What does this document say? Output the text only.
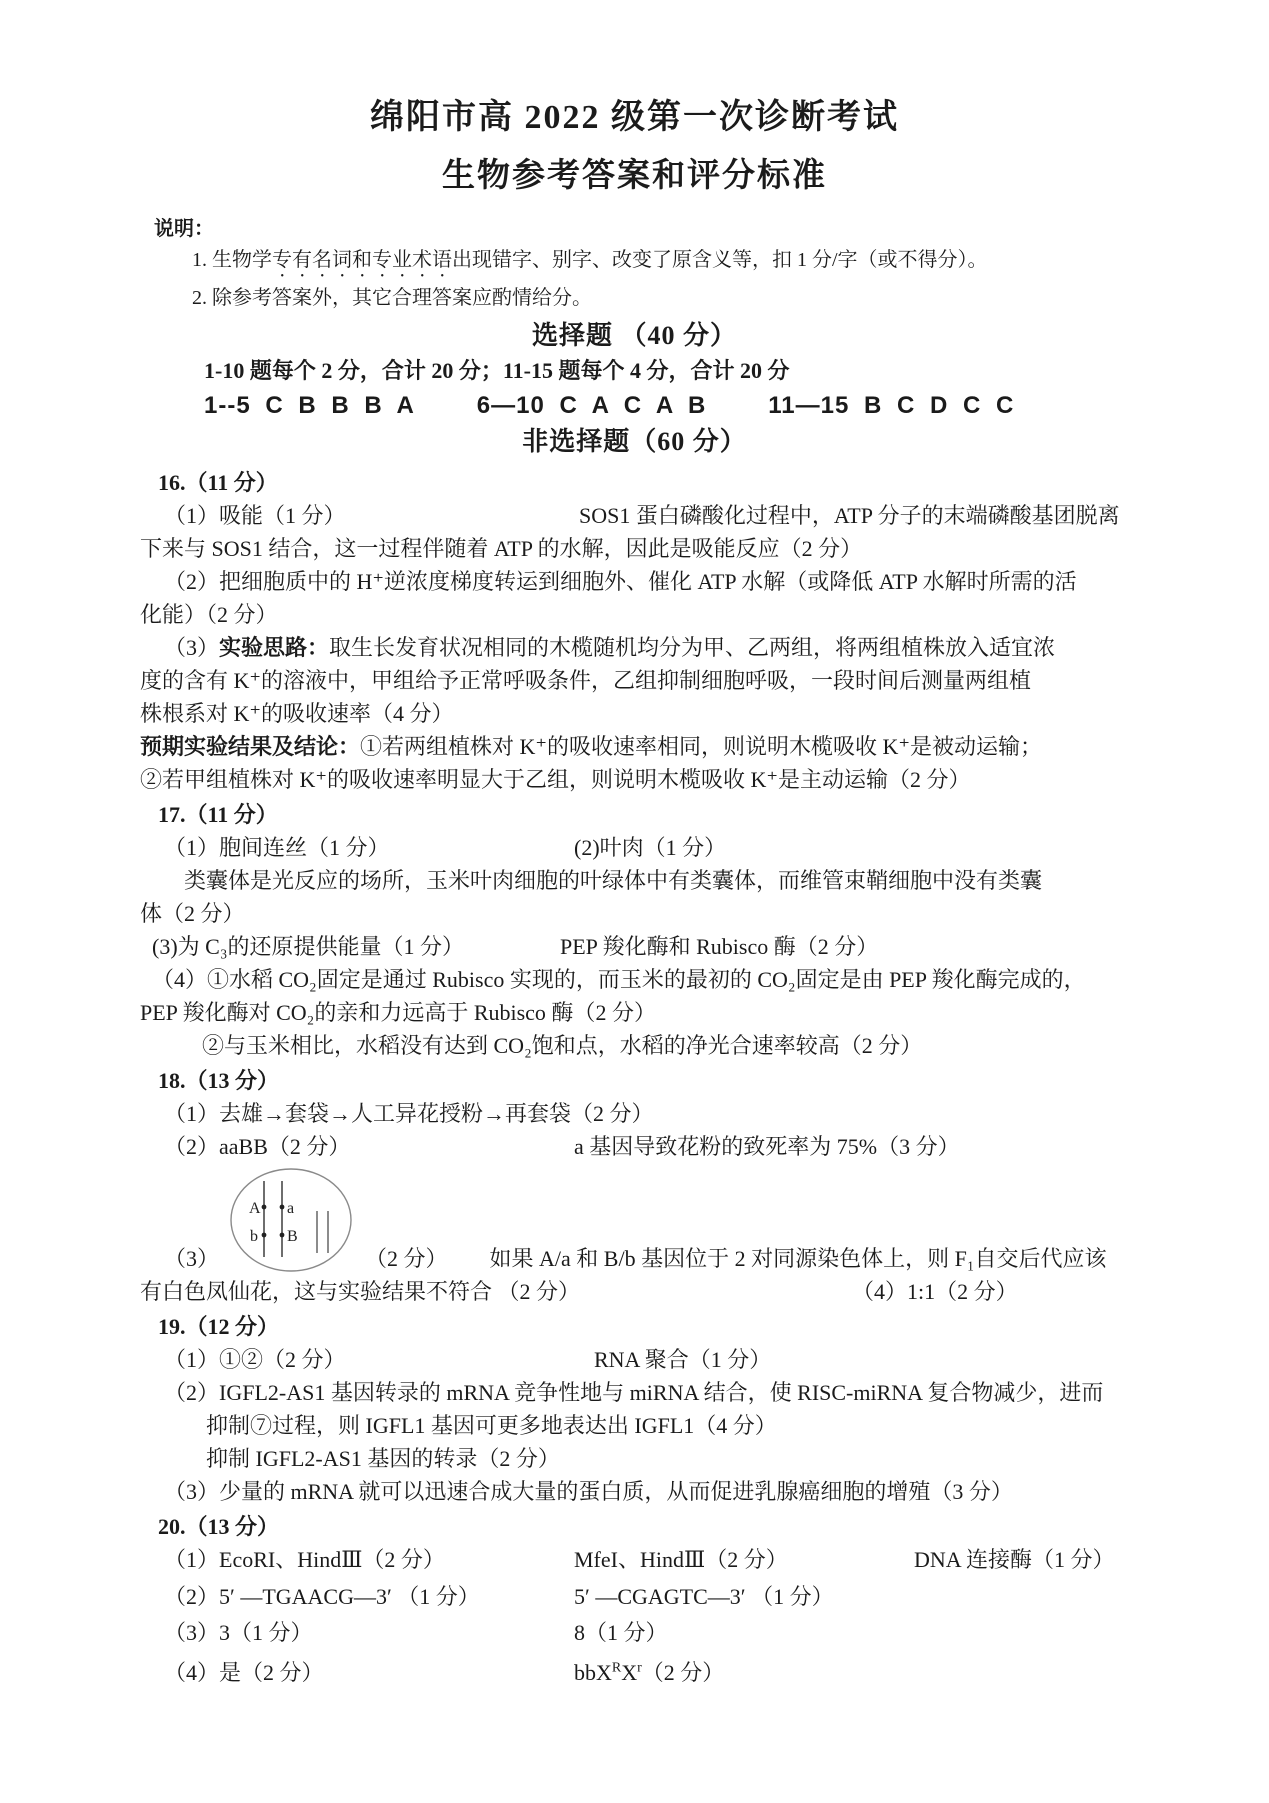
绵阳市高 2022 级第一次诊断考试
生物参考答案和评分标准
说明：
1. 生物学专有名词和专业术语出现错字、别字、改变了原含义等，扣 1 分/字（或不得分）。
2. 除参考答案外，其它合理答案应酌情给分。
选择题 （40 分）
1-10 题每个 2 分，合计 20 分；11-15 题每个 4 分，合计 20 分
1--5 C B B B A	6—10 C A C A B	11—15 B C D C C
非选择题（60 分）
16.（11 分）
（1）吸能（1 分）	SOS1 蛋白磷酸化过程中，ATP 分子的末端磷酸基团脱离
下来与 SOS1 结合，这一过程伴随着 ATP 的水解，因此是吸能反应（2 分）
（2）把细胞质中的 H⁺逆浓度梯度转运到细胞外、催化 ATP 水解（或降低 ATP 水解时所需的活
化能）（2 分）
（3） 实验思路： 取生长发育状况相同的木榄随机均分为甲、乙两组，将两组植株放入适宜浓
度的含有 K⁺的溶液中，甲组给予正常呼吸条件，乙组抑制细胞呼吸，一段时间后测量两组植
株根系对 K⁺的吸收速率（4 分）
预期实验结果及结论： ①若两组植株对 K⁺的吸收速率相同，则说明木榄吸收 K⁺是被动运输；
②若甲组植株对 K⁺的吸收速率明显大于乙组，则说明木榄吸收 K⁺是主动运输（2 分）
17.（11 分）
（1）胞间连丝（1 分）	(2)叶肉（1 分）
类囊体是光反应的场所，玉米叶肉细胞的叶绿体中有类囊体，而维管束鞘细胞中没有类囊
体（2 分）
(3)为 C₃的还原提供能量（1 分）	PEP 羧化酶和 Rubisco 酶（2 分）
（4）①水稻 CO₂固定是通过 Rubisco 实现的，而玉米的最初的 CO₂固定是由 PEP 羧化酶完成的，
PEP 羧化酶对 CO₂的亲和力远高于 Rubisco 酶（2 分）
②与玉米相比，水稻没有达到 CO₂饱和点，水稻的净光合速率较高（2 分）
18.（13 分）
（1）去雄→套袋→人工异花授粉→再套袋（2 分）
（2）aaBB（2 分）	a 基因导致花粉的致死率为 75%（3 分）
（3）
A a
b B
（2 分） 如果 A/a 和 B/b 基因位于 2 对同源染色体上，则 F₁自交后代应该
有白色凤仙花，这与实验结果不符合 （2 分）	（4）1:1（2 分）
19.（12 分）
（1）①②（2 分）	RNA 聚合（1 分）
（2）IGFL2-AS1 基因转录的 mRNA 竞争性地与 miRNA 结合，使 RISC-miRNA 复合物减少，进而
抑制⑦过程，则 IGFL1 基因可更多地表达出 IGFL1（4 分）
抑制 IGFL2-AS1 基因的转录（2 分）
（3）少量的 mRNA 就可以迅速合成大量的蛋白质，从而促进乳腺癌细胞的增殖（3 分）
20.（13 分）
（1）EcoRI、HindⅢ（2 分）	MfeI、HindⅢ（2 分）	DNA 连接酶（1 分）
（2）5′ —TGAACG—3′ （1 分）	5′ —CGAGTC—3′ （1 分）
（3）3（1 分）	8（1 分）
（4）是（2 分）	$bbX^RX^r(2$ 分）
